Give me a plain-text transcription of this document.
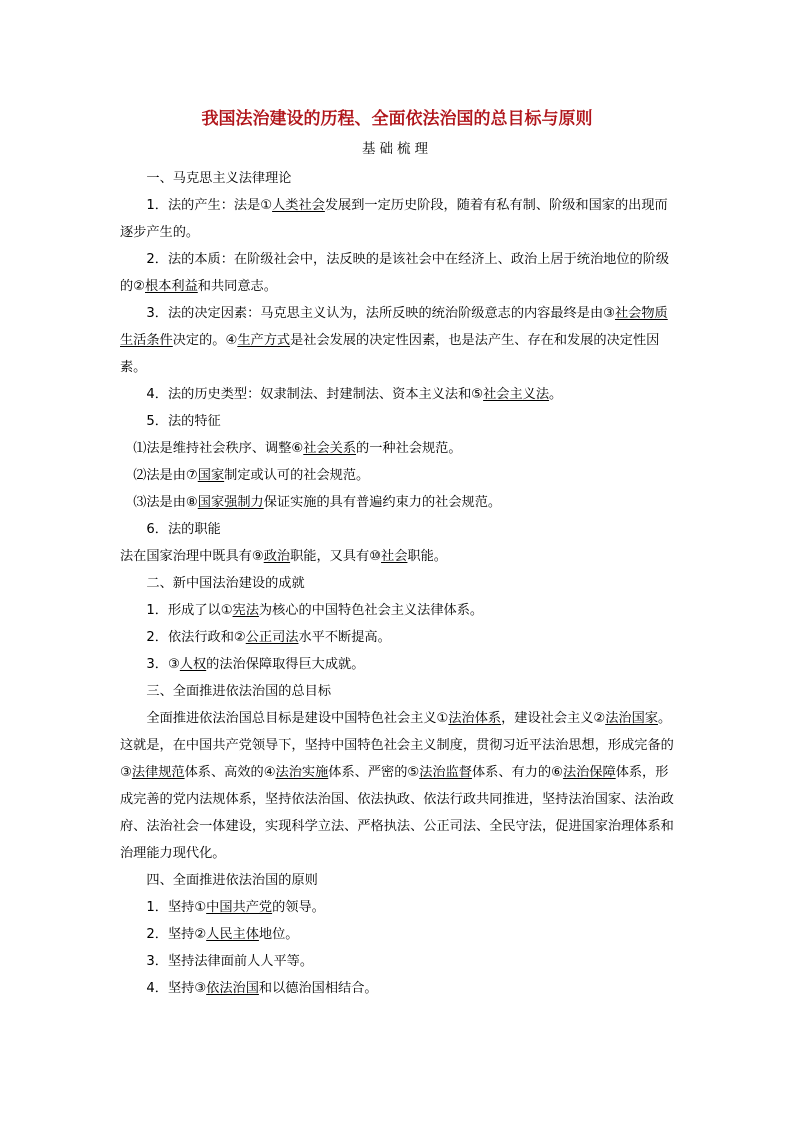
我国法治建设的历程、全面依法治国的总目标与原则
基础梳理

一、马克思主义法律理论

1．法的产生：法是①人类社会发展到一定历史阶段，随着有私有制、阶级和国家的出现而逐步产生的。

2．法的本质：在阶级社会中，法反映的是该社会中在经济上、政治上居于统治地位的阶级的②根本利益和共同意志。

3．法的决定因素：马克思主义认为，法所反映的统治阶级意志的内容最终是由③社会物质生活条件决定的。④生产方式是社会发展的决定性因素，也是法产生、存在和发展的决定性因素。

4．法的历史类型：奴隶制法、封建制法、资本主义法和⑤社会主义法。

5．法的特征

⑴法是维持社会秩序、调整⑥社会关系的一种社会规范。

⑵法是由⑦国家制定或认可的社会规范。

⑶法是由⑧国家强制力保证实施的具有普遍约束力的社会规范。

6．法的职能

法在国家治理中既具有⑨政治职能，又具有⑩社会职能。

二、新中国法治建设的成就

1．形成了以①宪法为核心的中国特色社会主义法律体系。

2．依法行政和②公正司法水平不断提高。

3．③人权的法治保障取得巨大成就。

三、全面推进依法治国的总目标

全面推进依法治国总目标是建设中国特色社会主义①法治体系，建设社会主义②法治国家。这就是，在中国共产党领导下，坚持中国特色社会主义制度，贯彻习近平法治思想，形成完备的③法律规范体系、高效的④法治实施体系、严密的⑤法治监督体系、有力的⑥法治保障体系，形成完善的党内法规体系，坚持依法治国、依法执政、依法行政共同推进，坚持法治国家、法治政府、法治社会一体建设，实现科学立法、严格执法、公正司法、全民守法，促进国家治理体系和治理能力现代化。

四、全面推进依法治国的原则

1．坚持①中国共产党的领导。

2．坚持②人民主体地位。

3．坚持法律面前人人平等。

4．坚持③依法治国和以德治国相结合。
